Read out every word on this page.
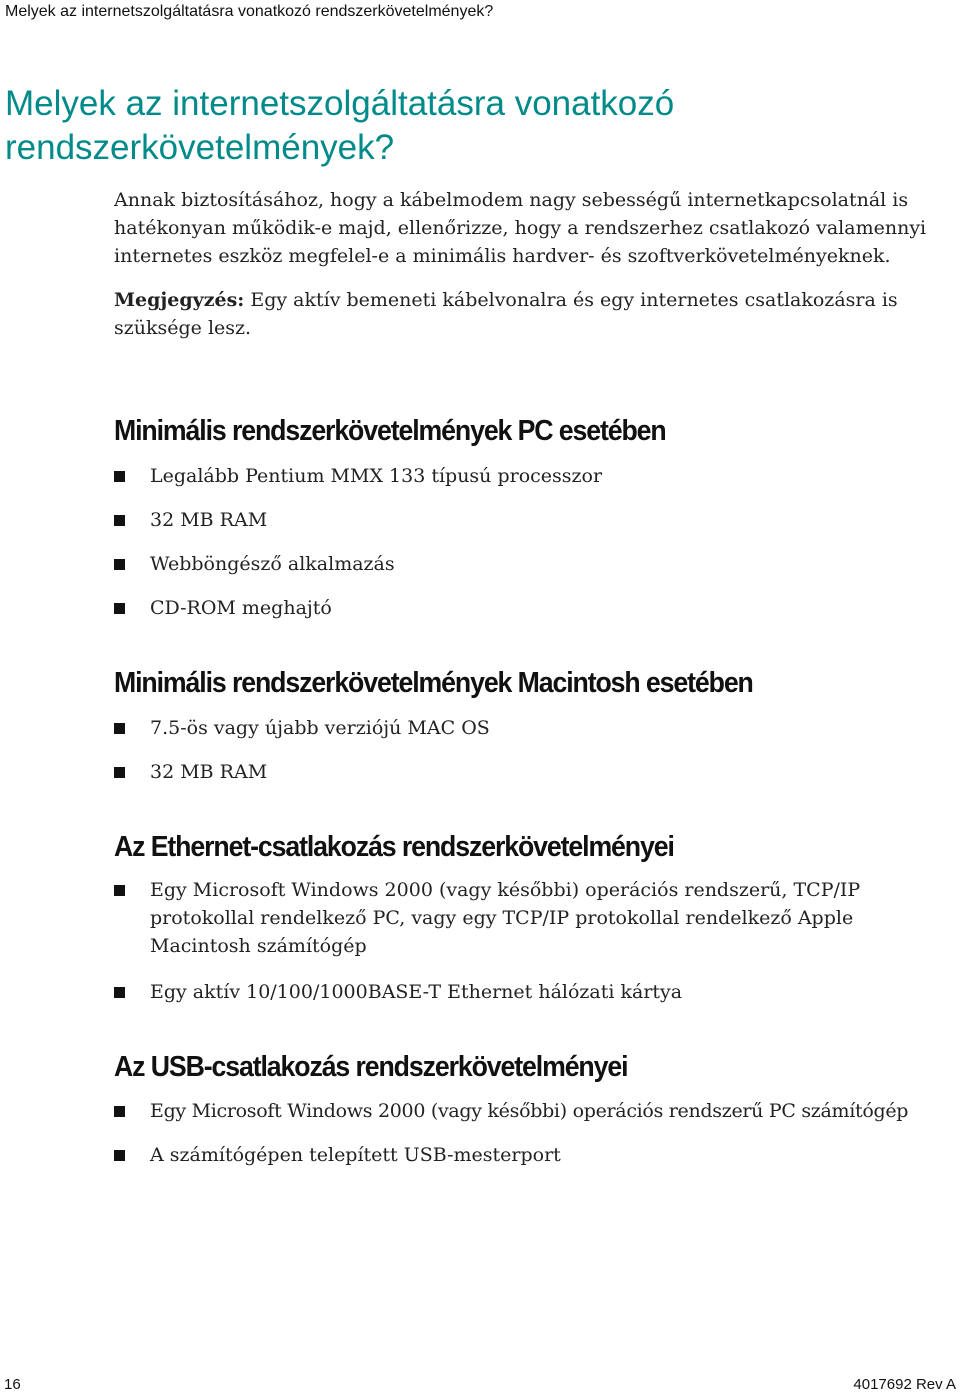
Melyek az internetszolgáltatásra vonatkozó rendszerkövetelmények?
Melyek az internetszolgáltatásra vonatkozó
rendszerkövetelmények?

Annak biztosításához, hogy a kábelmodem nagy sebességű internetkapcsolatnál is hatékonyan működik-e majd, ellenőrizze, hogy a rendszerhez csatlakozó valamennyi internetes eszköz megfelel-e a minimális hardver- és szoftverkövetelményeknek.

Megjegyzés: Egy aktív bemeneti kábelvonalra és egy internetes csatlakozásra is szüksége lesz.

Minimális rendszerkövetelmények PC esetében
Legalább Pentium MMX 133 típusú processzor
32 MB RAM
Webböngésző alkalmazás
CD-ROM meghajtó
Minimális rendszerkövetelmények Macintosh esetében
7.5-ös vagy újabb verziójú MAC OS
32 MB RAM
Az Ethernet-csatlakozás rendszerkövetelményei
Egy Microsoft Windows 2000 (vagy későbbi) operációs rendszerű, TCP/IP protokollal rendelkező PC, vagy egy TCP/IP protokollal rendelkező Apple Macintosh számítógép
Egy aktív 10/100/1000BASE-T Ethernet hálózati kártya
Az USB-csatlakozás rendszerkövetelményei
Egy Microsoft Windows 2000 (vagy későbbi) operációs rendszerű PC számítógép
A számítógépen telepített USB-mesterport
16	4017692 Rev A
